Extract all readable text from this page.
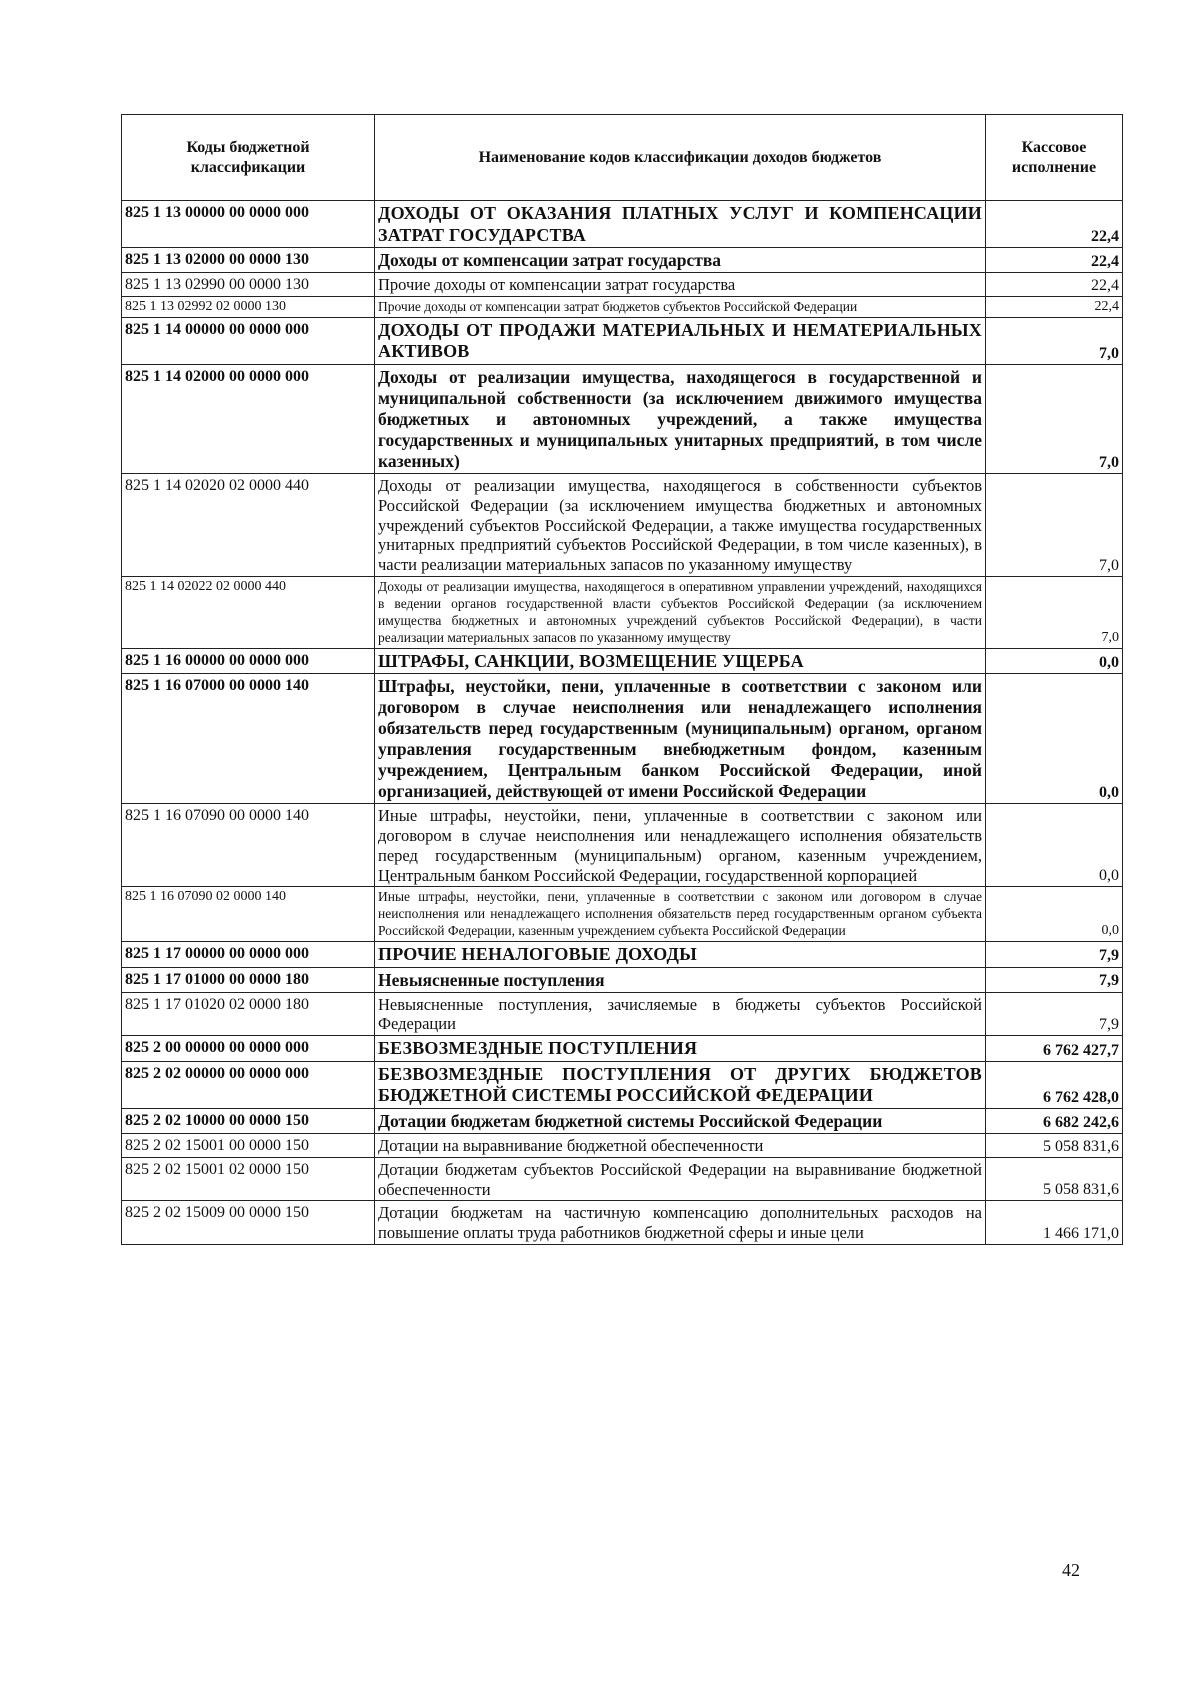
Коды бюджетной классификации	Наименование кодов классификации доходов бюджетов	Кассовое исполнение
825 1 13 00000 00 0000 000	ДОХОДЫ ОТ ОКАЗАНИЯ ПЛАТНЫХ УСЛУГ И КОМПЕНСАЦИИ ЗАТРАТ ГОСУДАРСТВА	22,4
825 1 13 02000 00 0000 130	Доходы от компенсации затрат государства	22,4
825 1 13 02990 00 0000 130	Прочие доходы от компенсации затрат государства	22,4
825 1 13 02992 02 0000 130	Прочие доходы от компенсации затрат бюджетов субъектов Российской Федерации	22,4
825 1 14 00000 00 0000 000	ДОХОДЫ ОТ ПРОДАЖИ МАТЕРИАЛЬНЫХ И НЕМАТЕРИАЛЬНЫХ АКТИВОВ	7,0
825 1 14 02000 00 0000 000	Доходы от реализации имущества, находящегося в государственной и муниципальной собственности (за исключением движимого имущества бюджетных и автономных учреждений, а также имущества государственных и муниципальных унитарных предприятий, в том числе казенных)	7,0
825 1 14 02020 02 0000 440	Доходы от реализации имущества, находящегося в собственности субъектов Российской Федерации (за исключением имущества бюджетных и автономных учреждений субъектов Российской Федерации, а также имущества государственных унитарных предприятий субъектов Российской Федерации, в том числе казенных), в части реализации материальных запасов по указанному имуществу	7,0
825 1 14 02022 02 0000 440	Доходы от реализации имущества, находящегося в оперативном управлении учреждений, находящихся в ведении органов государственной власти субъектов Российской Федерации (за исключением имущества бюджетных и автономных учреждений субъектов Российской Федерации), в части реализации материальных запасов по указанному имуществу	7,0
825 1 16 00000 00 0000 000	ШТРАФЫ, САНКЦИИ, ВОЗМЕЩЕНИЕ УЩЕРБА	0,0
825 1 16 07000 00 0000 140	Штрафы, неустойки, пени, уплаченные в соответствии с законом или договором в случае неисполнения или ненадлежащего исполнения обязательств перед государственным (муниципальным) органом, органом управления государственным внебюджетным фондом, казенным учреждением, Центральным банком Российской Федерации, иной организацией, действующей от имени Российской Федерации	0,0
825 1 16 07090 00 0000 140	Иные штрафы, неустойки, пени, уплаченные в соответствии с законом или договором в случае неисполнения или ненадлежащего исполнения обязательств перед государственным (муниципальным) органом, казенным учреждением, Центральным банком Российской Федерации, государственной корпорацией	0,0
825 1 16 07090 02 0000 140	Иные штрафы, неустойки, пени, уплаченные в соответствии с законом или договором в случае неисполнения или ненадлежащего исполнения обязательств перед государственным органом субъекта Российской Федерации, казенным учреждением субъекта Российской Федерации	0,0
825 1 17 00000 00 0000 000	ПРОЧИЕ НЕНАЛОГОВЫЕ ДОХОДЫ	7,9
825 1 17 01000 00 0000 180	Невыясненные поступления	7,9
825 1 17 01020 02 0000 180	Невыясненные поступления, зачисляемые в бюджеты субъектов Российской Федерации	7,9
825 2 00 00000 00 0000 000	БЕЗВОЗМЕЗДНЫЕ ПОСТУПЛЕНИЯ	6 762 427,7
825 2 02 00000 00 0000 000	БЕЗВОЗМЕЗДНЫЕ ПОСТУПЛЕНИЯ ОТ ДРУГИХ БЮДЖЕТОВ БЮДЖЕТНОЙ СИСТЕМЫ РОССИЙСКОЙ ФЕДЕРАЦИИ	6 762 428,0
825 2 02 10000 00 0000 150	Дотации бюджетам бюджетной системы Российской Федерации	6 682 242,6
825 2 02 15001 00 0000 150	Дотации на выравнивание бюджетной обеспеченности	5 058 831,6
825 2 02 15001 02 0000 150	Дотации бюджетам субъектов Российской Федерации на выравнивание бюджетной обеспеченности	5 058 831,6
825 2 02 15009 00 0000 150	Дотации бюджетам на частичную компенсацию дополнительных расходов на повышение оплаты труда работников бюджетной сферы и иные цели	1 466 171,0
42
